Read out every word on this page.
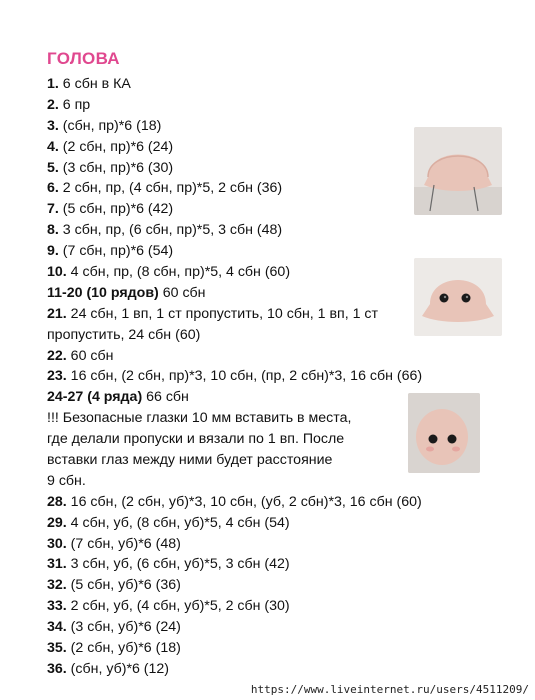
ГОЛОВА
1. 6 сбн в КА
2. 6 пр
3. (сбн, пр)*6 (18)
4. (2 сбн, пр)*6 (24)
5. (3 сбн, пр)*6 (30)
6. 2 сбн, пр, (4 сбн, пр)*5, 2 сбн (36)
7. (5 сбн, пр)*6 (42)
8. 3 сбн, пр, (6 сбн, пр)*5, 3 сбн (48)
9. (7 сбн, пр)*6 (54)
10. 4 сбн, пр, (8 сбн, пр)*5, 4 сбн (60)
11-20 (10 рядов) 60 сбн
21. 24 сбн, 1 вп, 1 ст пропустить, 10 сбн, 1 вп, 1 ст
пропустить, 24 сбн (60)
22. 60 сбн
23. 16 сбн, (2 сбн, пр)*3, 10 сбн, (пр, 2 сбн)*3, 16 сбн (66)
24-27 (4 ряда) 66 сбн
!!! Безопасные глазки 10 мм вставить в места,
где делали пропуски и вязали по 1 вп. После
вставки глаз между ними будет расстояние
9 сбн.
28. 16 сбн, (2 сбн, уб)*3, 10 сбн, (уб, 2 сбн)*3, 16 сбн (60)
29. 4 сбн, уб, (8 сбн, уб)*5, 4 сбн (54)
30. (7 сбн, уб)*6 (48)
31. 3 сбн, уб, (6 сбн, уб)*5, 3 сбн (42)
32. (5 сбн, уб)*6 (36)
33. 2 сбн, уб, (4 сбн, уб)*5, 2 сбн (30)
34. (3 сбн, уб)*6 (24)
35. (2 сбн, уб)*6 (18)
36. (сбн, уб)*6 (12)
https://www.liveinternet.ru/users/4511209/
